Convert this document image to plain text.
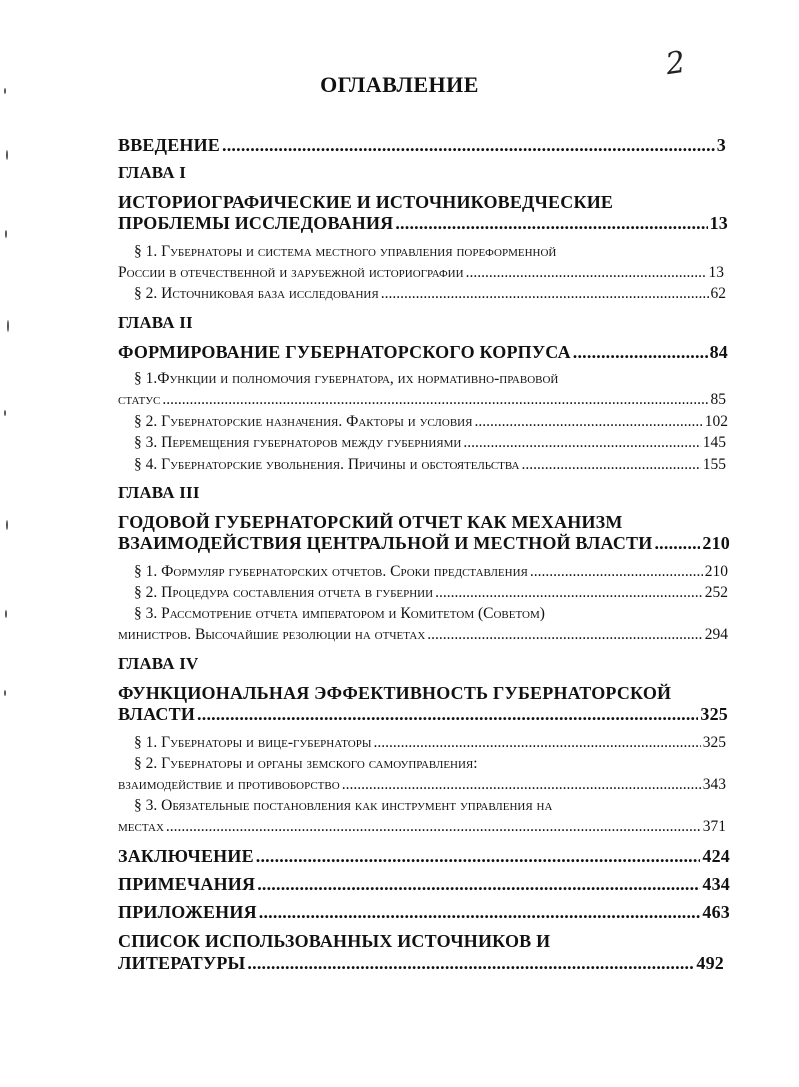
2
ОГЛАВЛЕНИЕ
ВВЕДЕНИЕ .....	3
ГЛАВА I
ИСТОРИОГРАФИЧЕСКИЕ И ИСТОЧНИКОВЕДЧЕСКИЕ
ПРОБЛЕМЫ ИССЛЕДОВАНИЯ .....	13
§ 1. Губернаторы и система местного управления пореформенной
России в отечественной и зарубежной историографии .....	13
§ 2. Источниковая база исследования .....	62
ГЛАВА II
ФОРМИРОВАНИЕ ГУБЕРНАТОРСКОГО КОРПУСА .....	84
§ 1.Функции и полномочия губернатора, их нормативно-правовой
статус .....	85
§ 2. Губернаторские назначения. Факторы и условия .....	102
§ 3. Перемещения губернаторов между губерниями .....	145
§ 4. Губернаторские увольнения. Причины и обстоятельства .....	155
ГЛАВА III
ГОДОВОЙ ГУБЕРНАТОРСКИЙ ОТЧЕТ КАК МЕХАНИЗМ
ВЗАИМОДЕЙСТВИЯ ЦЕНТРАЛЬНОЙ И МЕСТНОЙ ВЛАСТИ .....	210
§ 1. Формуляр губернаторских отчетов. Сроки представления .....	210
§ 2. Процедура составления отчета в губернии .....	252
§ 3. Рассмотрение отчета императором и Комитетом (Советом)
министров. Высочайшие резолюции на отчетах .....	294
ГЛАВА IV
ФУНКЦИОНАЛЬНАЯ ЭФФЕКТИВНОСТЬ ГУБЕРНАТОРСКОЙ
ВЛАСТИ .....	325
§ 1. Губернаторы и вице-губернаторы .....	325
§ 2. Губернаторы и органы земского самоуправления:
взаимодействие и противоборство .....	343
§ 3. Обязательные постановления как инструмент управления на
местах .....	371
ЗАКЛЮЧЕНИЕ .....	424
ПРИМЕЧАНИЯ .....	434
ПРИЛОЖЕНИЯ .....	463
СПИСОК ИСПОЛЬЗОВАННЫХ ИСТОЧНИКОВ И
ЛИТЕРАТУРЫ .....	492
